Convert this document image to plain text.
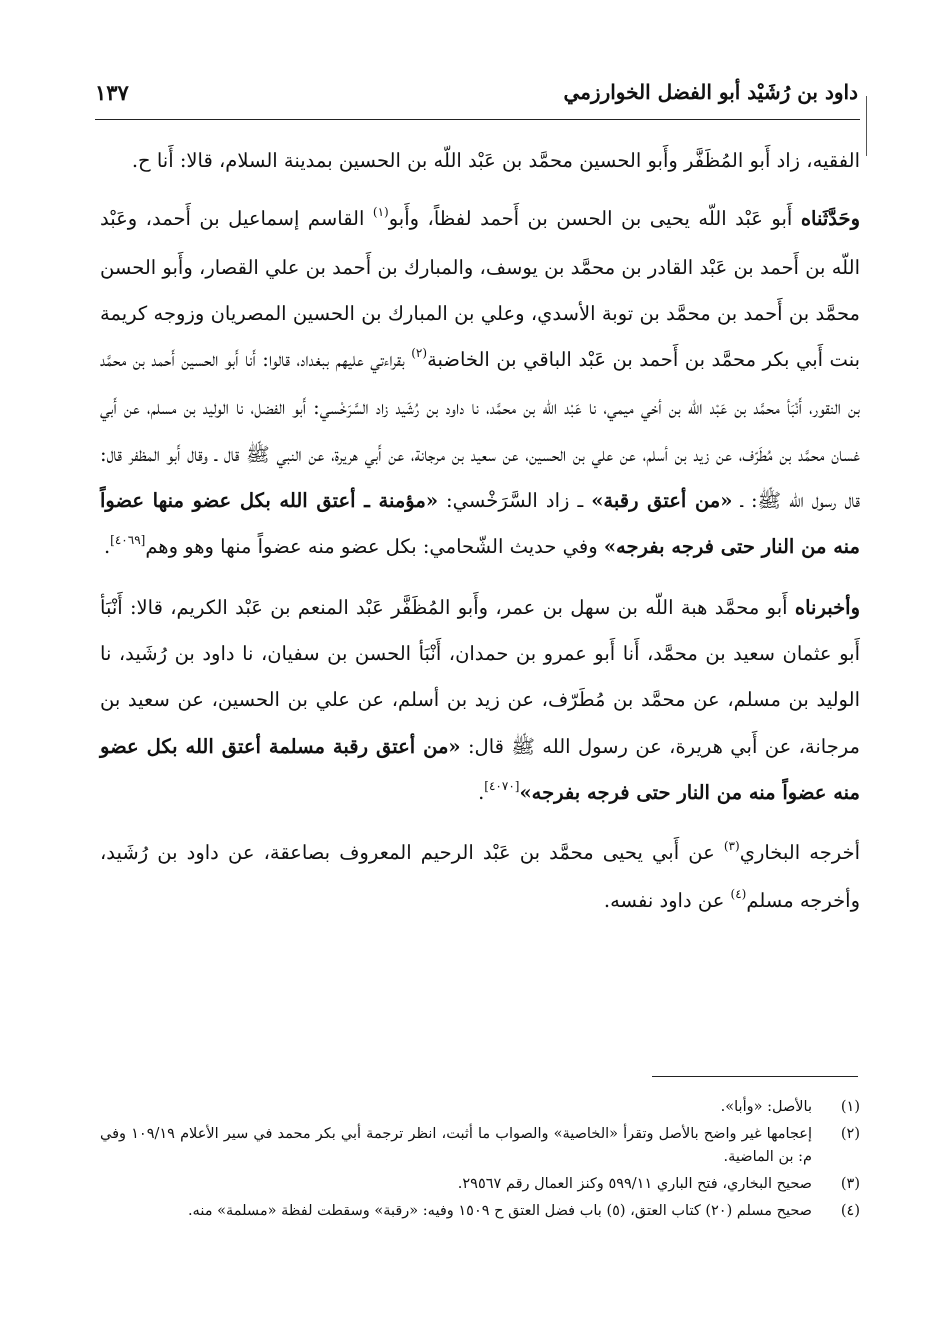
داود بن رُشَيْد أبو الفضل الخوارزمي
١٣٧

الفقيه، زاد أَبو المُظَفَّر وأَبو الحسين محمَّد بن عَبْد اللّه بن الحسين بمدينة السلام، قالا: أَنا ح.

وحَدَّثَناه أَبو عَبْد اللّه يحيى بن الحسن بن أَحمد لفظاً، وأَبو$^{(١)}$ القاسم إسماعيل بن أَحمد، وعَبْد اللّه بن أَحمد بن عَبْد القادر بن محمَّد بن يوسف، والمبارك بن أَحمد بن علي القصار، وأَبو الحسن محمَّد بن أَحمد بن محمَّد بن توبة الأسدي، وعلي بن المبارك بن الحسين المصريان وزوجه كريمة بنت أَبي بكر محمَّد بن أَحمد بن عَبْد الباقي بن الخاضبة$^{(٢)}$ بقراءتي عليهم ببغداد، قالوا: أَنا أَبو الحسين أَحمد بن محمَّد بن النقور، أَنْبَأ محمَّد بن عَبْد اللّه بن أخي ميمي، نا عَبْد اللّه بن محمَّد، نا داود بن رُشَيد زاد السَّرَخْسي: أَبو الفضل، نا الوليد بن مسلم، عن أَبي غسان محمَّد بن مُطَرّف، عن زيد بن أسلم، عن علي بن الحسين، عن سعيد بن مرجانة، عن أَبي هريرة، عن النبي ﷺ قال ـ وقال أَبو المظفر قال: قال رسول الله ﷺ: ـ «من أعتق رقبة» ـ زاد السَّرَخْسي: «مؤمنة ـ أعتق الله بكل عضو منها عضواً منه من النار حتى فرجه بفرجه» وفي حديث الشّحامي: بكل عضو منه عضواً منها وهو وهم[٤٠٦٩].

وأخبرناه أَبو محمَّد هبة اللّه بن سهل بن عمر، وأَبو المُظَفَّر عَبْد المنعم بن عَبْد الكريم، قالا: أَنْبَأ أَبو عثمان سعيد بن محمَّد، أَنا أَبو عمرو بن حمدان، أَنْبَأ الحسن بن سفيان، نا داود بن رُشَيد، نا الوليد بن مسلم، عن محمَّد بن مُطَرّف، عن زيد بن أسلم، عن علي بن الحسين، عن سعيد بن مرجانة، عن أَبي هريرة، عن رسول الله ﷺ قال: «من أعتق رقبة مسلمة أعتق الله بكل عضو منه عضواً منه من النار حتى فرجه بفرجه»[٤٠٧٠].

أخرجه البخاري$^{(٣)}$ عن أَبي يحيى محمَّد بن عَبْد الرحيم المعروف بصاعقة، عن داود بن رُشَيد، وأخرجه مسلم$^{(٤)}$ عن داود نفسه.

(١)
بالأصل: «وأبا».
(٢)
إعجامها غير واضح بالأصل وتقرأ «الخاصية» والصواب ما أثبت، انظر ترجمة أبي بكر محمد في سير الأعلام ١٠٩/١٩ وفي م: بن الماضية.
(٣)
صحيح البخاري، فتح الباري ٥٩٩/١١ وكنز العمال رقم ٢٩٥٦٧.
(٤)
صحيح مسلم (٢٠) كتاب العتق، (٥) باب فضل العتق ح ١٥٠٩ وفيه: «رقبة» وسقطت لفظة «مسلمة» منه.
